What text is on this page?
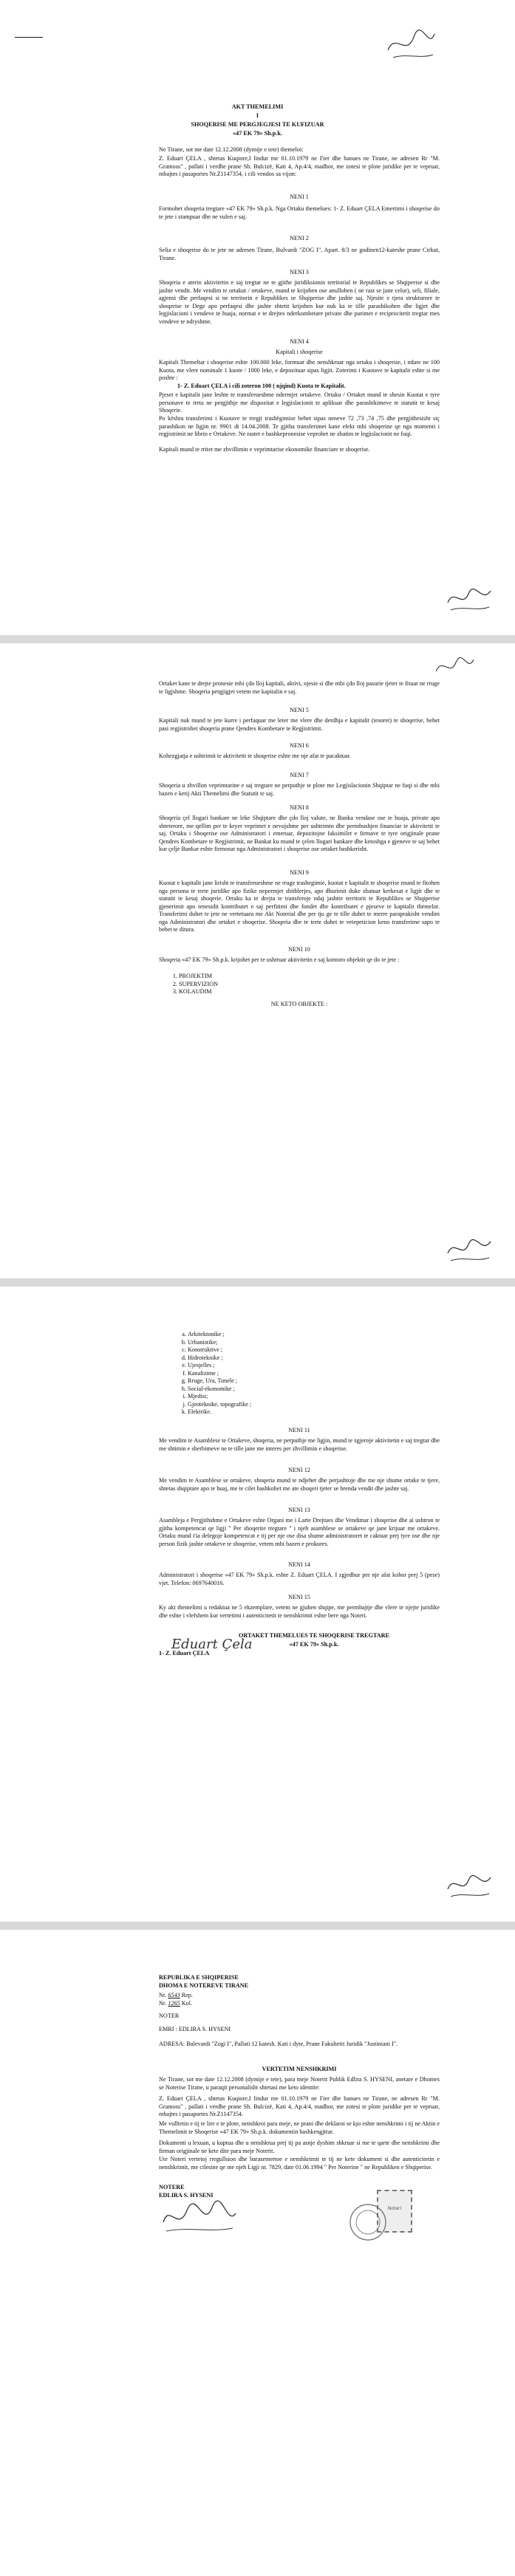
AKT THEMELIMI
I
SHOQERISE ME PERGJEGJESI TE KUFIZUAR
«47 EK 79» Sh.p.k.
Ne Tirane, sot me date 12.12.2008 (dymije e tete) themeloi:
Z. Eduart ÇELA , shtetas Kuqiore,I lindur me 01.10.1979 ne Fier dhe banues ne Tirane, ne adresen Rr "M. Gramoss" , pallati i verdhe prane Sh. Bulcizë, Kati 4, Ap.4/4, madhor, me zotesi te plote juridike per te vepruar, mbajtes i pasaportes Nr.Z1147354, i cili vendos sa vijon:
NENI 1
Formohet shoqeria tregtare «47 EK 79» Sh.p.k. Nga Ortaku themelues: 1- Z. Eduart ÇELA Emertimi i shoqerise do te jete i stampuar dhe ne vulen e saj.
NENI 2
Selia e shoqerise do te jete ne adresen Tirane, Bulvardi "ZOG I", Apart. 8/3 ne godinen12-kateshe prane Cirkut, Tirane.
NENI 3
Shoqeria e aterin aktivitetin e saj tregtar ne te gjithe juridiksionin territorial te Republikes se Shqiperise si dhe jashte vendit. Me vendim te ortakut / ortakeve, mund te krijohen ose anullohen ( ne rast se jane celur), seli, filiale, agjensi dhe perfaqesi si ne territorin e Republikes se Shqiperise dhe jashte saj. Njesite e tjera strukturore te shoqerise te Dege apo perfaqesi dhe jashte shtetit krijohen kur nuk ka te tille parashikohen dhe ligjet dhe legjislacioni i vendeve te huaja, normat e te drejtes nderkombetare private dhe parimet e reciprocitetit tregtar mes vendeve te ndryshme.
NENI 4
Kapitali i shoqerise
Kapitali Themeltar i shoqerise eshte 100.000 leke, formuar dhe nenshkruar nga ortaku i shoqerise, i ndare ne 100 Kuota, me vlere nominale 1 kuote / 1000 leke, e depozituar sipas ligjit. Zoterimi i Kuotave te kapitalit eshte si me poshte :
1- Z. Eduart ÇELA i cili zoteron 100 ( njqind) Kuota te Kapitalit.
Pjeset e kapitalit jane leshte te transferueshme ndermjet ortakeve. Ortaku / Ortaket mund te shesin Kuotat e tyre personave te treta ne pergjithje me dispozitat e legjislacionit te aplikuar dhe parashikimeve te statutit te kesaj Shoqerie.
Po kështu transferimi i Kuotave te rregjt trashëgimise behet sipas neneve 72 ,73 ,74 ,75 dhe pergjithesisht siç parashikon ne ligjin nr. 9901 dt 14.04.2008. Te gjitha transferimet kane efekt mbi shoqerine qe nga momenti i regjistrimit ne librin e Ortakeve. Ne rastet e bashkepronesise veprohet ne zbatim te legjislacionit ne fuqi.
Kapitali mund te rritet me zbvillimin e veprimtarise ekonomike financiare te shoqerise.
Ortaket kane te drejte pronesie mbi çdo lloj kapitali, aktivi, njesie si dhe mbi çdo lloj pasurie tjeter te fituar ne rruge te ligjshme. Shoqeria pergjigjet vetem me kapitalin e saj.
NENI 5
Kapitali nuk mund te jete kurre i perfaquar me leter me vlere dhe derdhja e kapitalit (tesoret) te shoqerise, behet pasi regjistrohet shoqeria prane Qendres Kombetare te Regjistrimit.
NENI 6
Kohezgjatja e ushtrimit te aktivitetit te shoqerise eshte me nje afat te pacaktuar.
NENI 7
Shoqeria u zhvillon veprimtarine e saj tregtare ne perputhje te plote me Legjislacionin Shqiptar ne fuqi si dhe mbi bazen e ketij Akti Themelimi dhe Statutit te saj.
NENI 8
Shoqeria çel llogari bankare ne leke Shqiptare dhe çdo lloj valute, ne Banka vendase ose te huaja, private apo shteterore, me qellim per te kryer veprimet e nevojshme per ushtrimin dhe permbushjen financiar te aktivitetit te saj. Ortaku i Shoqerise ose Administratori i emeruar, depozitojne faksimilet e firmave te tyre origjinale prane Qendres Kombetare te Regjistrimit, ne Bankat ku mund te çelen llogari bankare dhe ketoshga e gjeneve te saj behet kur çelje Bankar eshte firmosur nga Administratori i shoqerise ose ortaket bashkerisht.
NENI 9
Kuotat e kapitalit jane lirisht te transferueshme ne rruge trashegimie, kuotat e kapitalit te shoqerise mund te fitohen nga persona te trete juridike apo fizike nepermjet shitblerjes, apo dhurimit duke zbatuar kerkesat e ligjit dhe te statutit te kesaj shoqerie. Ortaku ka te drejta te transferoje ndaj jashtte territorit te Republikes se Shqiperise gjenerimit apo tenesidit kontributet e saj perfitimi dhe fondet dhe kontributet e pjeseve te kapitalit themelor. Transferimi duhet te jete ne vertetuara me Akt Noterial dhe per tju ge te tille duhet te merre paraprakisht vendim nga Administratori dhe ortaket e shoqerise. Shoqeria dhe te trete duhet te vetepeticion keno transferime sapo te behet te ditura.
NENI 10
Shoqeria «47 EK 79» Sh.p.k. krijohet per te ushtruar aktivitetin e saj kontoro objektit qe do te jete :
1. PROJEKTIM
2. SUPERVIZION
3. KOLAUDIM
NE KETO OBJEKTE :
a. Arkitektonike ;
b. Urbanistike;
c. Konstruktive ;
d. Hidroteknike ;
e. Ujesjelles ;
f. Kanalizime ;
g. Rruge, Ura, Tunele ;
h. Social-ekonomike ;
i. Mjedisi;
j. Gjeoteknike, topografike ;
k. Elektrike.
NENI 11
Me vendim te Asamblese te Ortakeve, shoqeria, ne perputhje me ligjin, mund te zgjeroje aktivitetin e saj tregtar dhe me shtimin e sherbimeve ne te tille jane me interes per zhvillimin e shoqerise.
NENI 12
Me vendim te Asamblese se ortakeve, shoqeria mund te ndjehet dhe perjashtoje dhe me nje shume ortake te tjere, shtetas shqiptare apo te huaj, me te cilet bashkohet me ate shoqeri tjeter se brenda vendit dhe jashte saj.
NENI 13
Asambleja e Pergjithshme e Ortakeve eshte Organi me i Larte Drejtues dhe Vendimar i shoqerise dhe ai ushtron te gjitha kompetencat qe ligji " Per shoqerite tregtare " i njeh asamblese se ortakeve qe jane krijuar me ortakeve. Ortaku mund t'ia delegoje kompetencat e tij per nje ose disa shume administratoret te caktuar prej tyre ose dhe nje person fizik jashte ortakeve te shoqerise, vetem mbi bazen e prokures.
NENI 14
Administratori i shoqerise «47 EK 79» Sh.p.k. eshte Z. Eduart ÇELA. I zgjedhur per nje afat kohor prej 5 (pese) vjet. Telefon: 0697640016.
NENI 15
Ky akt themelimi u redaktua ne 5 ekzemplare, vetem ne gjuhen shqipe, me permbajtje dhe vlere te njejte juridike dhe eshte i vlefshem kur vertetimi i autenticitetit te nenshkrimit eshte bere nga Noteri.
ORTAKET THEMELUES TE SHOQERISE TREGTARE
«47 EK 79» Sh.p.k.
Eduart Çela
1- Z. Eduart ÇELA
REPUBLIKA E SHQIPERISE
DHOMA E NOTEREVE TIRANE
Nr. 6543 Rep.
Nr. 1265 Kol.
NOTER
EMRI : EDLIRA S. HYSENI
ADRESA: Bulevardi "Zogi I", Pallati 12 katesh. Kati i dyte, Prane Fakultetit Juridik "Justiniani I".
VERTETIM NENSHKRIMI
Ne Tirane, sot me date 12.12.2008 (dymije e tete), para meje Noterit Publik Edlira S. HYSENI, anetare e Dhomes se Noterise Tirane, u paraqit personalisht shtetasi me keto identite:
Z. Eduart ÇELA , shtetas Kuqiore,I lindur me 01.10.1979 ne Fier dhe banues ne Tirane, ne adresen Rr "M. Gramoss" , pallati i verdhe prane Sh. Bulcizë, Kati 4, Ap.4/4, madhor, me zotesi te plote juridike per te vepruar, mbajtes i pasaportes Nr.Z1147354.
Me vulltetin e tij te lire e te plote, nenshkroi para meje, ne prani dhe deklaroi se kjo eshte nenshkrimi i tij ne Aktin e Themelimit te Shoqerise «47 EK 79» Sh.p.k. dokumentin bashkengjitur.
Dokumenti u lexuan, u kuptua dhe u nenshkrua prej tij pa asnje dyshim shkruar si me te qarte dhe nenshkrimi dhe firman origjinale ne kete dite para meje Noterit.
Ute Noteri vertetoj rregullsion dhe barasemertoe e nenshkrimit te tij ne kete dokument si dhe autenticitetin e nenshkrimit, me cilesine qe me njeh Ligji nr. 7829, date 01.06.1994 " Per Noterine " ne Republiken e Shqiperise.
NOTERE
EDLIRA S. HYSENI
Noteri
